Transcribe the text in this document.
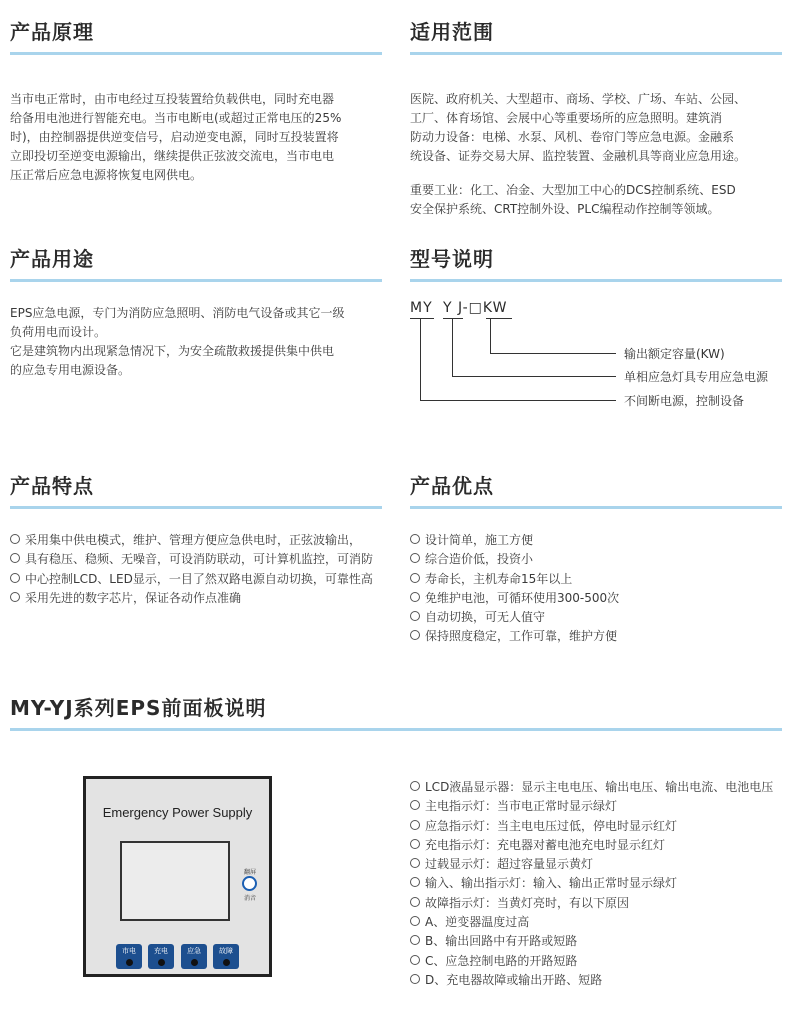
产品原理

当市电正常时，由市电经过互投装置给负载供电，同时充电器

给备用电池进行智能充电。当市电断电(或超过正常电压的25%

时)，由控制器提供逆变信号，启动逆变电源，同时互投装置将

立即投切至逆变电源输出，继续提供正弦波交流电，当市电电

压正常后应急电源将恢复电网供电。

适用范围

医院、政府机关、大型超市、商场、学校、广场、车站、公园、

工厂、体育场馆、会展中心等重要场所的应急照明。建筑消

防动力设备：电梯、水泵、风机、卷帘门等应急电源。金融系

统设备、证券交易大屏、监控装置、金融机具等商业应急用途。

重要工业：化工、冶金、大型加工中心的DCS控制系统、ESD

安全保护系统、CRT控制外设、PLC编程动作控制等领域。

产品用途

EPS应急电源，专门为消防应急照明、消防电气设备或其它一级

负荷用电而设计。

它是建筑物内出现紧急情况下，为安全疏散救援提供集中供电

的应急专用电源设备。

型号说明
MY Y J-□KW
输出额定容量(KW)
单相应急灯具专用应急电源
不间断电源，控制设备
产品特点
采用集中供电模式，维护、管理方便应急供电时，正弦波输出，
具有稳压、稳频、无噪音，可设消防联动，可计算机监控，可消防
中心控制LCD、LED显示，一目了然双路电源自动切换，可靠性高
采用先进的数字芯片，保证各动作点准确
产品优点
设计简单，施工方便
综合造价低，投资小
寿命长，主机寿命15年以上
免维护电池，可循环使用300-500次
自动切换，可无人值守
保持照度稳定，工作可靠，维护方便
MY-YJ系列EPS前面板说明
Emergency Power Supply
翻屏
消音
市电	充电	应急	故障
LCD液晶显示器：显示主电电压、输出电压、输出电流、电池电压
主电指示灯：当市电正常时显示绿灯
应急指示灯：当主电电压过低，停电时显示红灯
充电指示灯：充电器对蓄电池充电时显示红灯
过载显示灯：超过容量显示黄灯
输入、输出指示灯：输入、输出正常时显示绿灯
故障指示灯：当黄灯亮时，有以下原因
A、逆变器温度过高
B、输出回路中有开路或短路
C、应急控制电路的开路短路
D、充电器故障或输出开路、短路
